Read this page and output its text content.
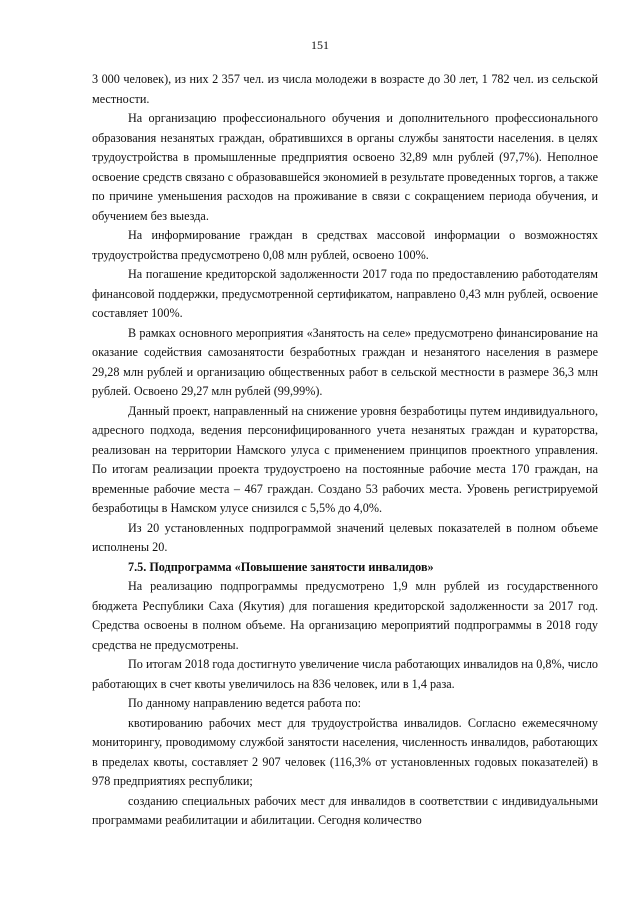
151

3 000 человек), из них 2 357 чел. из числа молодежи в возрасте до 30 лет, 1 782 чел. из сельской местности.

На организацию профессионального обучения и дополнительного профессионального образования незанятых граждан, обратившихся в органы службы занятости населения. в целях трудоустройства в промышленные предприятия освоено 32,89 млн рублей (97,7%). Неполное освоение средств связано с образовавшейся экономией в результате проведенных торгов, а также по причине уменьшения расходов на проживание в связи с сокращением периода обучения, и обучением без выезда.

На информирование граждан в средствах массовой информации о возможностях трудоустройства предусмотрено 0,08 млн рублей, освоено 100%.

На погашение кредиторской задолженности 2017 года по предоставлению работодателям финансовой поддержки, предусмотренной сертификатом, направлено 0,43 млн рублей, освоение составляет 100%.

В рамках основного мероприятия «Занятость на селе» предусмотрено финансирование на оказание содействия самозанятости безработных граждан и незанятого населения в размере 29,28 млн рублей и организацию общественных работ в сельской местности в размере 36,3 млн рублей. Освоено 29,27 млн рублей (99,99%).

Данный проект, направленный на снижение уровня безработицы путем индивидуального, адресного подхода, ведения персонифицированного учета незанятых граждан и кураторства, реализован на территории Намского улуса с применением принципов проектного управления. По итогам реализации проекта трудоустроено на постоянные рабочие места 170 граждан, на временные рабочие места – 467 граждан. Создано 53 рабочих места. Уровень регистрируемой безработицы в Намском улусе снизился с 5,5% до 4,0%.

Из 20 установленных подпрограммой значений целевых показателей в полном объеме исполнены 20.

7.5. Подпрограмма «Повышение занятости инвалидов»

На реализацию подпрограммы предусмотрено 1,9 млн рублей из государственного бюджета Республики Саха (Якутия) для погашения кредиторской задолженности за 2017 год. Средства освоены в полном объеме. На организацию мероприятий подпрограммы в 2018 году средства не предусмотрены.

По итогам 2018 года достигнуто увеличение числа работающих инвалидов на 0,8%, число работающих в счет квоты увеличилось на 836 человек, или в 1,4 раза.

По данному направлению ведется работа по:

квотированию рабочих мест для трудоустройства инвалидов. Согласно ежемесячному мониторингу, проводимому службой занятости населения, численность инвалидов, работающих в пределах квоты, составляет 2 907 человек (116,3% от установленных годовых показателей) в 978 предприятиях республики;

созданию специальных рабочих мест для инвалидов в соответствии с индивидуальными программами реабилитации и абилитации. Сегодня количество
